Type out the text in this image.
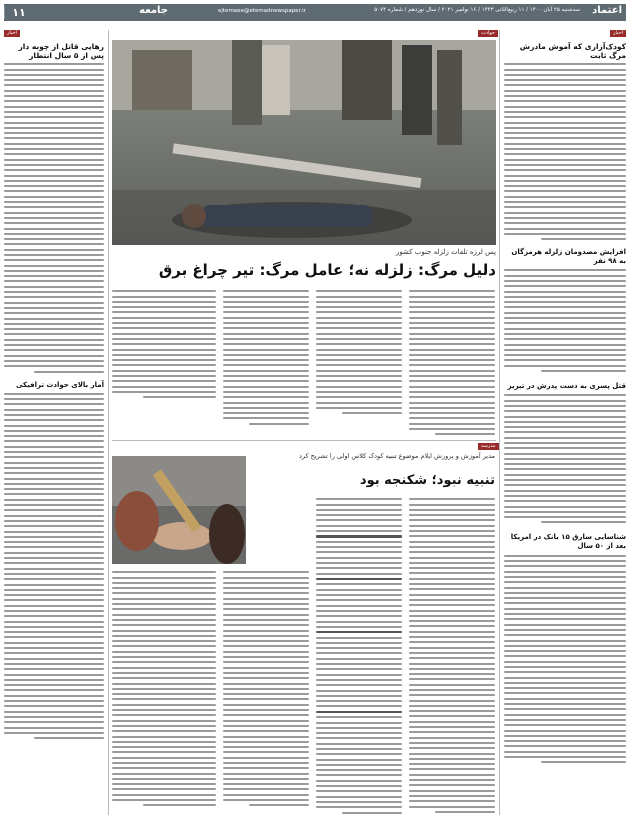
۱۱	ejtemaee@etemadnewspaper.ir
جامعه	سه‌شنبه ۲۵ آبان ۱۴۰۰ / ۱۱ ربیع‌الثانی ۱۴۴۳ / ۱۶ نوامبر ۲۰۲۱ / سال نوزدهم / شماره ۵۰۷۴ اعتماد
اخبار
اخبار	حوادث
مدرسه
کودک‌آزاری که آموش مادرش‌ مرگ‌ ثابت
افزایش مصدومان زلزله هرمزگان به ۹۸ نفر
قتل پسری به دست پدرش در تبریز
شناسایی سارق ۱۵ بانک در امریکا بعد از ۵۰ سال
رهایی قاتل از چوبه دار پس از ۵ سال انتظار
آمار بالای حوادث ترافیکی
پس لرزه تلفات زلزله جنوب کشور
دلیل مرگ: زلزله نه؛ عامل مرگ: تیر چراغ برق
مدیر آموزش و پرورش ایلام موضوع تنبیه کودک کلاس اولی را تشریح کرد
تنبیه نبود؛ شکنجه بود
